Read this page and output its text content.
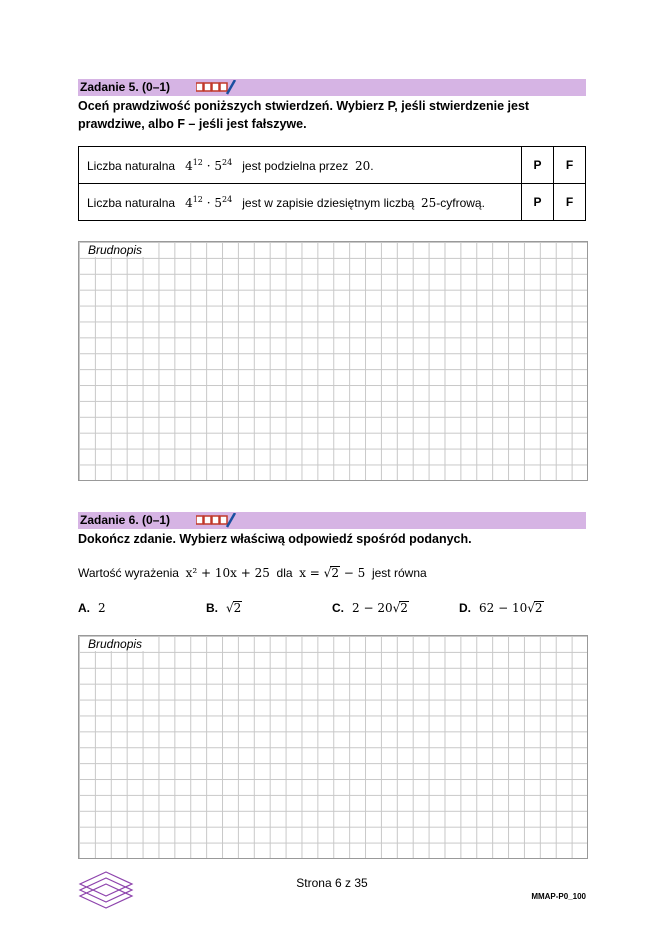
Zadanie 5. (0–1)
Oceń prawdziwość poniższych stwierdzeń. Wybierz P, jeśli stwierdzenie jest prawdziwe, albo F – jeśli jest fałszywe.
Liczba naturalna $4^{12} \cdot 5^{24}$ jest podzielna przez 20.	P	F
Liczba naturalna $4^{12} \cdot 5^{24}$ jest w zapisie dziesiętnym liczbą 25-cyfrową.	P	F
Brudnopis
Zadanie 6. (0–1)
Dokończ zdanie. Wybierz właściwą odpowiedź spośród podanych.
Wartość wyrażenia x² + 10x + 25 dla x = √2 − 5 jest równa
A. 2	B. √2	C. 2 − 20√2	D. 62 − 10√2
Brudnopis
Strona 6 z 35
MMAP-P0_100
